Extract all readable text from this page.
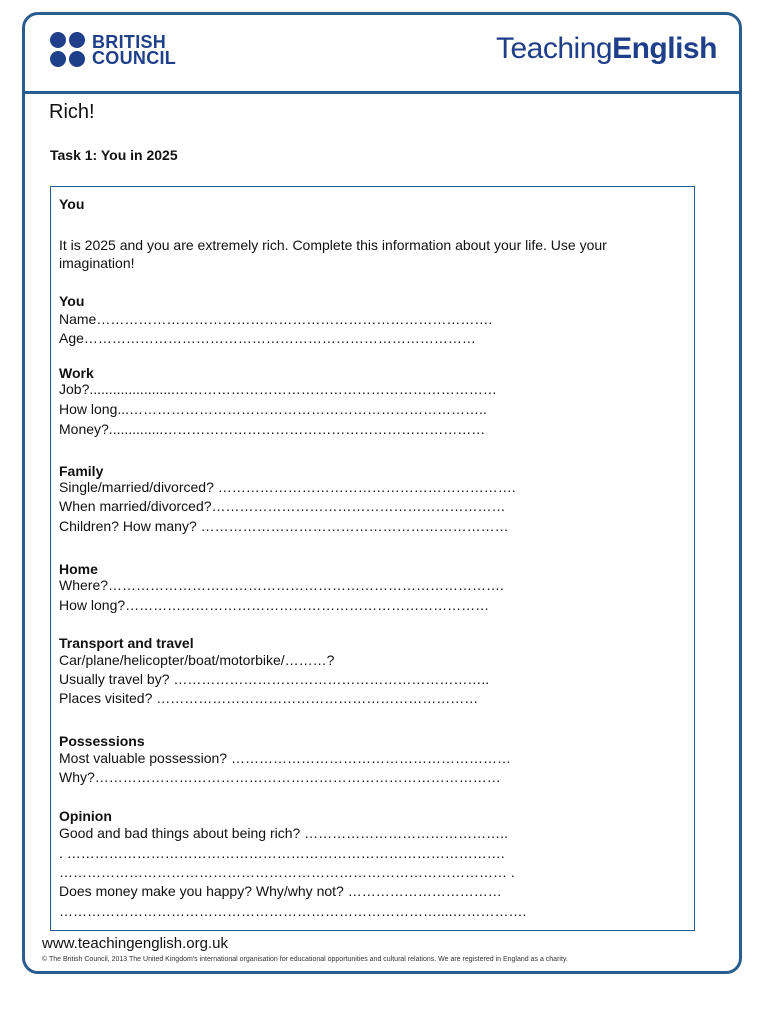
BRITISH
COUNCIL	TeachingEnglish
Rich!
Task 1: You in 2025
You
It is 2025 and you are extremely rich. Complete this information about your life. Use your imagination!
You
Name………………………………………………………………………….
Age…………………………………………………………………………
Work
Job?......................……………………………………………………………
How long...…………………………………………………………………..
Money?..............……………………………………………………………
Family
Single/married/divorced? ……………………………………………………….
When married/divorced?………………………………………………………
Children? How many? …………………………………………………………
Home
Where?………………………………………………………………………….
How long?……………………………………………………………………
Transport and travel
Car/plane/helicopter/boat/motorbike/………?
Usually travel by? …………………………………………………………..
Places visited? ……………………………………………………………
Possessions
Most valuable possession? ……………………………………………………
Why?……………………………………………………………………………
Opinion
Good and bad things about being rich? ……………………………………..
. ………………………………………………………………………………….
…………………………………………………………………………………… .
Does money make you happy? Why/why not? ……………………………
………………………………………………………………………....…………….
www.teachingenglish.org.uk
© The British Council, 2013 The United Kingdom's international organisation for educational opportunities and cultural relations. We are registered in England as a charity.
